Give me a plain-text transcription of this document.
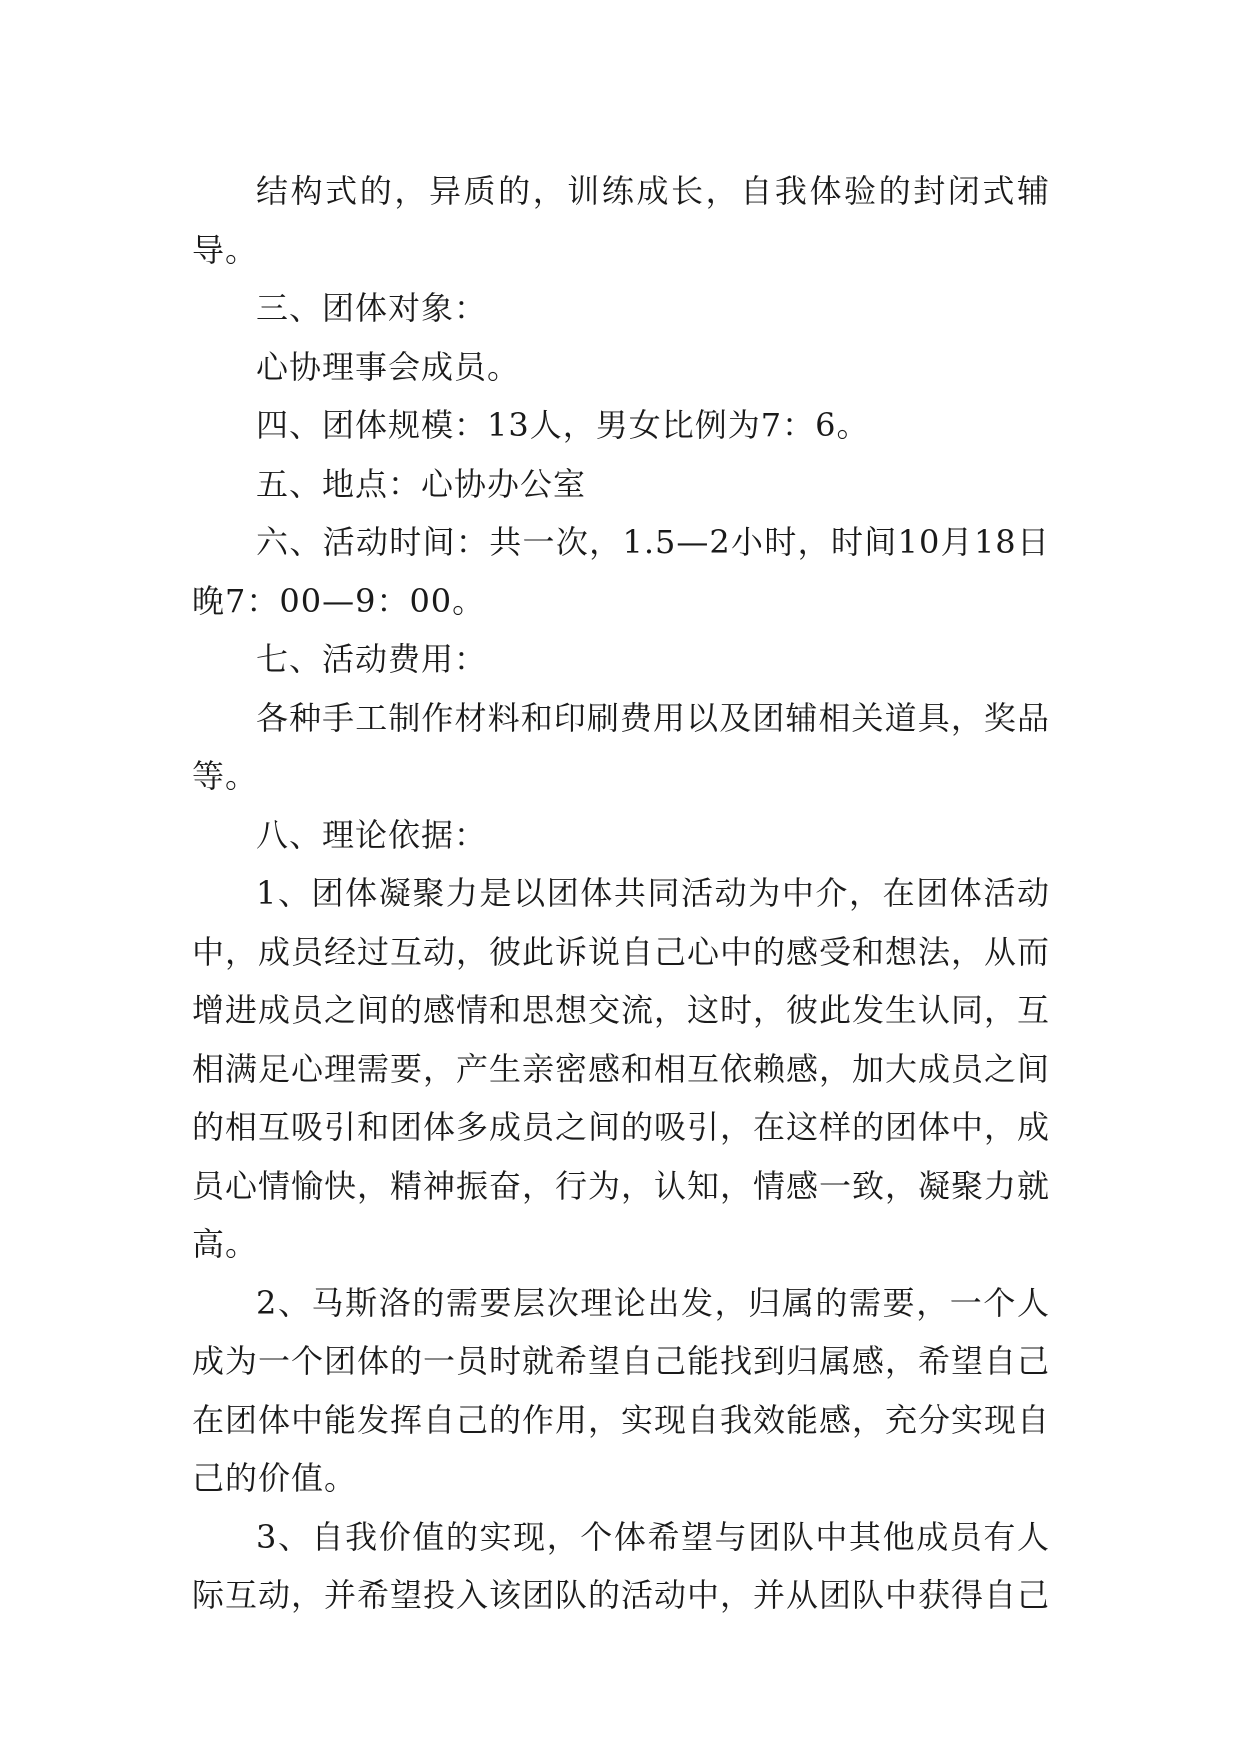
结构式的，异质的，训练成长，自我体验的封闭式辅导。

三、团体对象：

心协理事会成员。

四、团体规模：13人，男女比例为7：6。

五、地点：心协办公室

六、活动时间：共一次，1.5—2小时，时间10月18日晚7：00—9：00。

七、活动费用：

各种手工制作材料和印刷费用以及团辅相关道具，奖品等。

八、理论依据：

1、团体凝聚力是以团体共同活动为中介，在团体活动中，成员经过互动，彼此诉说自己心中的感受和想法，从而增进成员之间的感情和思想交流，这时，彼此发生认同，互相满足心理需要，产生亲密感和相互依赖感，加大成员之间的相互吸引和团体多成员之间的吸引，在这样的团体中，成员心情愉快，精神振奋，行为，认知，情感一致，凝聚力就高。

2、马斯洛的需要层次理论出发，归属的需要，一个人成为一个团体的一员时就希望自己能找到归属感，希望自己在团体中能发挥自己的作用，实现自我效能感，充分实现自己的价值。

3、自我价值的实现，个体希望与团队中其他成员有人际互动，并希望投入该团队的活动中，并从团队中获得自己
